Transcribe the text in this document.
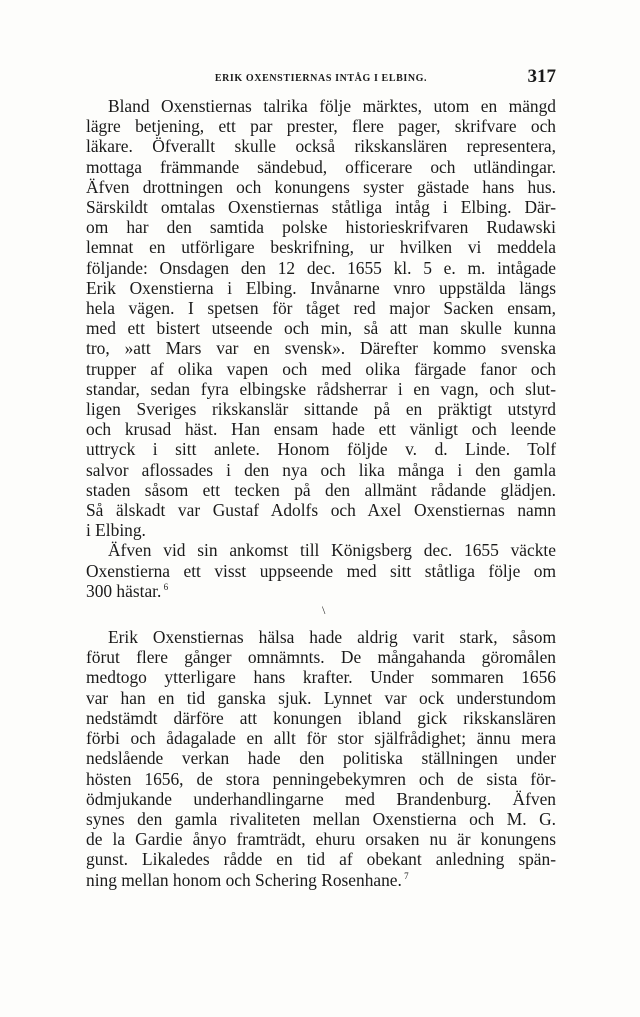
ERIK OXENSTIERNAS INTÅG I ELBING.	317

Bland Oxenstiernas talrika följe märktes, utom en mängd
lägre betjening, ett par prester, flere pager, skrifvare och
läkare. Öfverallt skulle också rikskanslären representera,
mottaga främmande sändebud, officerare och utländingar.
Äfven drottningen och konungens syster gästade hans hus.
Särskildt omtalas Oxenstiernas ståtliga intåg i Elbing. Där-
om har den samtida polske historieskrifvaren Rudawski
lemnat en utförligare beskrifning, ur hvilken vi meddela
följande: Onsdagen den 12 dec. 1655 kl. 5 e. m. intågade
Erik Oxenstierna i Elbing. Invånarne vnro uppstälda längs
hela vägen. I spetsen för tåget red major Sacken ensam,
med ett bistert utseende och min, så att man skulle kunna
tro, »att Mars var en svensk». Därefter kommo svenska
trupper af olika vapen och med olika färgade fanor och
standar, sedan fyra elbingske rådsherrar i en vagn, och slut-
ligen Sveriges rikskanslär sittande på en präktigt utstyrd
och krusad häst. Han ensam hade ett vänligt och leende
uttryck i sitt anlete. Honom följde v. d. Linde. Tolf
salvor aflossades i den nya och lika många i den gamla
staden såsom ett tecken på den allmänt rådande glädjen.
Så älskadt var Gustaf Adolfs och Axel Oxenstiernas namn
i Elbing.

Äfven vid sin ankomst till Königsberg dec. 1655 väckte
Oxenstierna ett visst uppseende med sitt ståtliga följe om
300 hästar. $^6$

\

Erik Oxenstiernas hälsa hade aldrig varit stark, såsom
förut flere gånger omnämnts. De mångahanda göromålen
medtogo ytterligare hans krafter. Under sommaren 1656
var han en tid ganska sjuk. Lynnet var ock understundom
nedstämdt därföre att konungen ibland gick rikskanslären
förbi och ådagalade en allt för stor själfrådighet; ännu mera
nedslående verkan hade den politiska ställningen under
hösten 1656, de stora penningebekymren och de sista för-
ödmjukande underhandlingarne med Brandenburg. Äfven
synes den gamla rivaliteten mellan Oxenstierna och M. G.
de la Gardie ånyo framträdt, ehuru orsaken nu är konungens
gunst. Likaledes rådde en tid af obekant anledning spän-
ning mellan honom och Schering Rosenhane. $^7$
